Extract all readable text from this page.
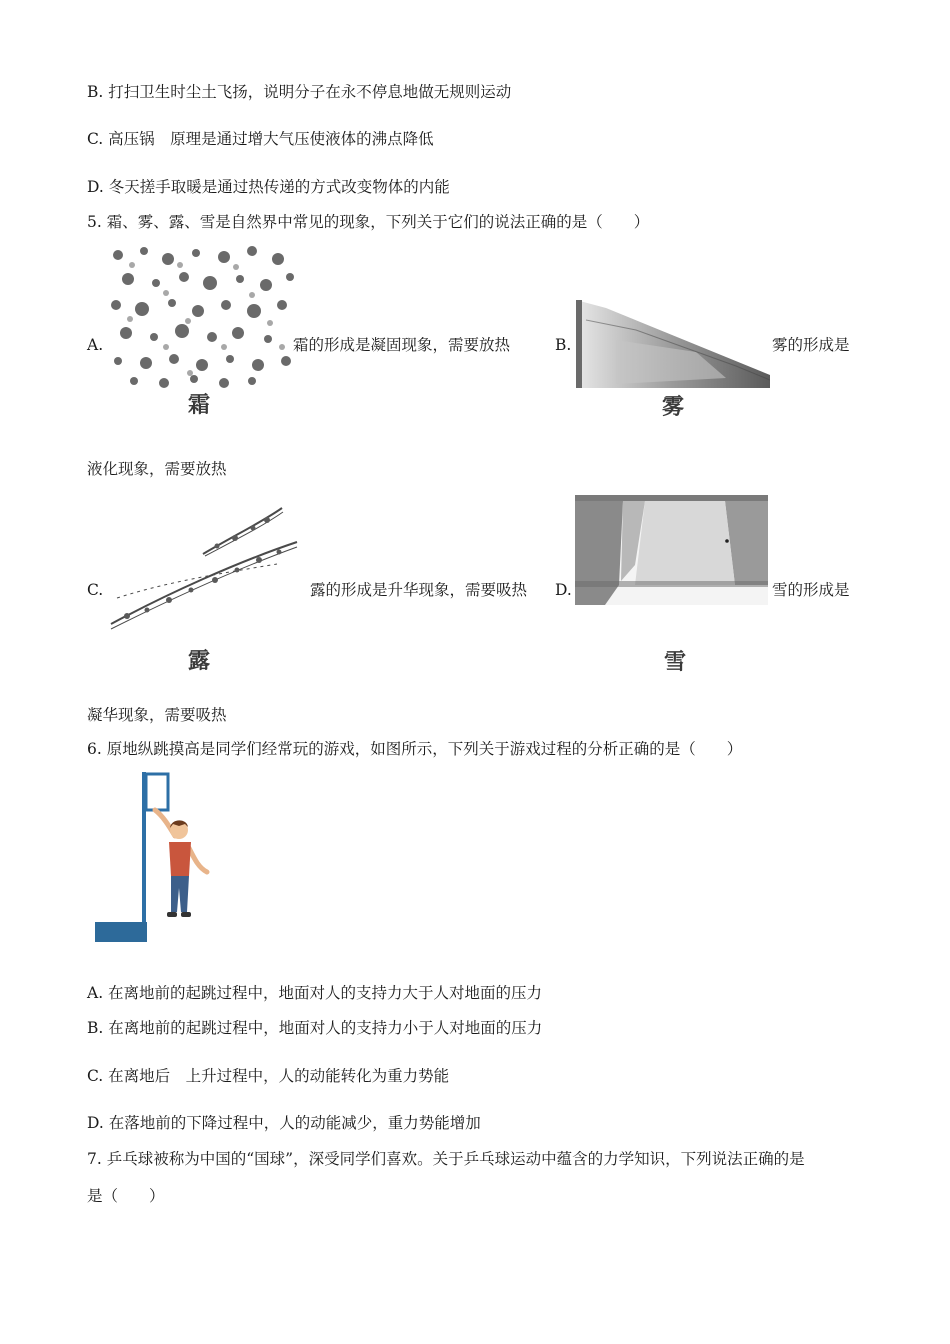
B. 打扫卫生时尘土飞扬，说明分子在永不停息地做无规则运动
C. 高压锅　原理是通过增大气压使液体的沸点降低
D. 冬天搓手取暖是通过热传递的方式改变物体的内能
5. 霜、雾、露、雪是自然界中常见的现象，下列关于它们的说法正确的是（　　）
A.
霜
霜的形成是凝固现象，需要放热	B.
雾
雾的形成是
液化现象，需要放热
C.
露
露的形成是升华现象，需要吸热 D.
雪
雪的形成是
凝华现象，需要吸热
6. 原地纵跳摸高是同学们经常玩的游戏，如图所示，下列关于游戏过程的分析正确的是（　　）
A. 在离地前的起跳过程中，地面对人的支持力大于人对地面的压力
B. 在离地前的起跳过程中，地面对人的支持力小于人对地面的压力
C. 在离地后　上升过程中，人的动能转化为重力势能
D. 在落地前的下降过程中，人的动能减少，重力势能增加
7. 乒乓球被称为中国的“国球”，深受同学们喜欢。关于乒乓球运动中蕴含的力学知识，下列说法正确的是
是（　　）
